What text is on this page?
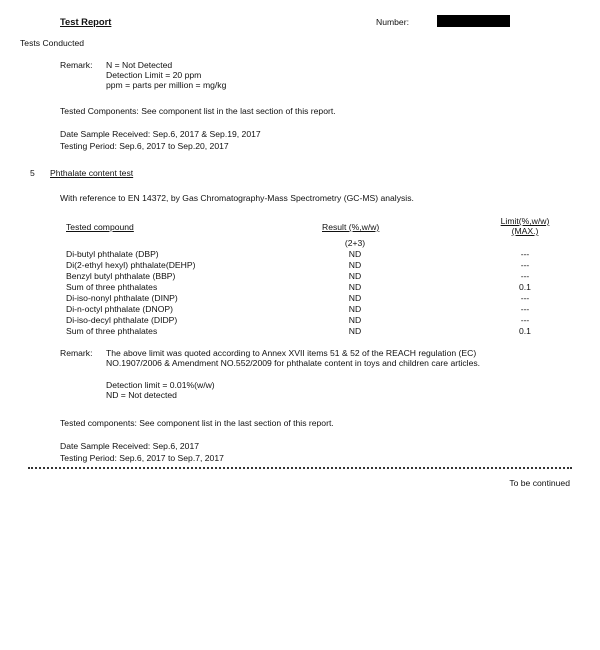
Test Report	Number:
Tests Conducted
Remark: N = Not Detected
Detection Limit = 20 ppm
ppm = parts per million = mg/kg
Tested Components: See component list in the last section of this report.
Date Sample Received: Sep.6, 2017 & Sep.19, 2017
Testing Period: Sep.6, 2017 to Sep.20, 2017
5 Phthalate content test
With reference to EN 14372, by Gas Chromatography-Mass Spectrometry (GC-MS) analysis.
Tested compound	Result (%,w/w)
Limit(%,w/w)
(MAX.)
(2+3)
Di-butyl phthalate (DBP)	ND	---
Di(2-ethyl hexyl) phthalate(DEHP)	ND	---
Benzyl butyl phthalate (BBP)	ND	---
Sum of three phthalates	ND	0.1
Di-iso-nonyl phthalate (DINP)	ND	---
Di-n-octyl phthalate (DNOP)	ND	---
Di-iso-decyl phthalate (DIDP)	ND	---
Sum of three phthalates	ND	0.1
Remark: The above limit was quoted according to Annex XVII items 51 & 52 of the REACH regulation (EC)
NO.1907/2006 & Amendment NO.552/2009 for phthalate content in toys and children care articles.
Detection limit = 0.01%(w/w)
ND = Not detected
Tested components: See component list in the last section of this report.
Date Sample Received: Sep.6, 2017
Testing Period: Sep.6, 2017 to Sep.7, 2017
To be continued
